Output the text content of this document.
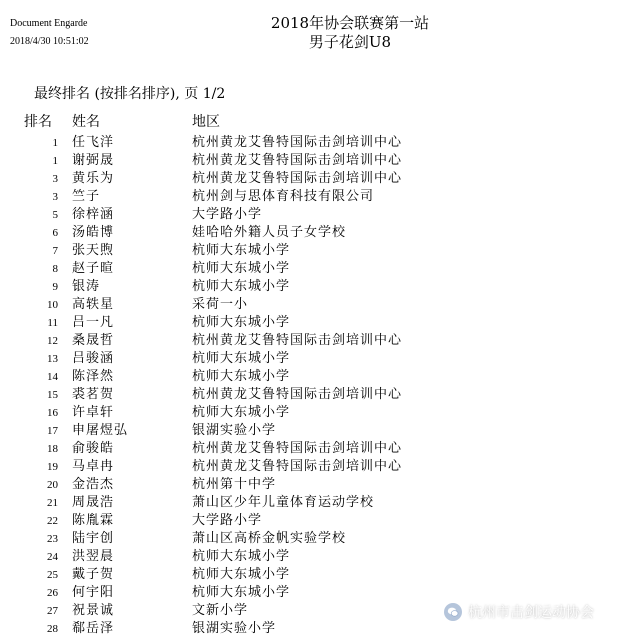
Document Engarde
2018/4/30 10:51:02
2018年协会联赛第一站
男子花剑U8
最终排名 (按排名排序), 页 1/2
排名 姓名	地区
1 任飞洋	杭州黄龙艾鲁特国际击剑培训中心
1 谢弼晟	杭州黄龙艾鲁特国际击剑培训中心
3 黄乐为	杭州黄龙艾鲁特国际击剑培训中心
3 竺子	杭州剑与思体育科技有限公司
5 徐梓涵	大学路小学
6 汤皓博	娃哈哈外籍人员子女学校
7 张天煦	杭师大东城小学
8 赵子暄	杭师大东城小学
9 银涛	杭师大东城小学
10 高轶星	采荷一小
11 吕一凡	杭师大东城小学
12 桑晟哲	杭州黄龙艾鲁特国际击剑培训中心
13 吕骏涵	杭师大东城小学
14 陈泽然	杭师大东城小学
15 裘茗贺	杭州黄龙艾鲁特国际击剑培训中心
16 许卓轩	杭师大东城小学
17 申屠煜弘	银湖实验小学
18 俞骏皓	杭州黄龙艾鲁特国际击剑培训中心
19 马卓冉	杭州黄龙艾鲁特国际击剑培训中心
20 金浩杰	杭州第十中学
21 周晟浩	萧山区少年儿童体育运动学校
22 陈胤霖	大学路小学
23 陆宇创	萧山区高桥金帆实验学校
24 洪翌晨	杭师大东城小学
25 戴子贺	杭师大东城小学
26 何宇阳	杭师大东城小学
27 祝景诚	文新小学
28 郗岳泽	银湖实验小学
杭州市击剑运动协会
